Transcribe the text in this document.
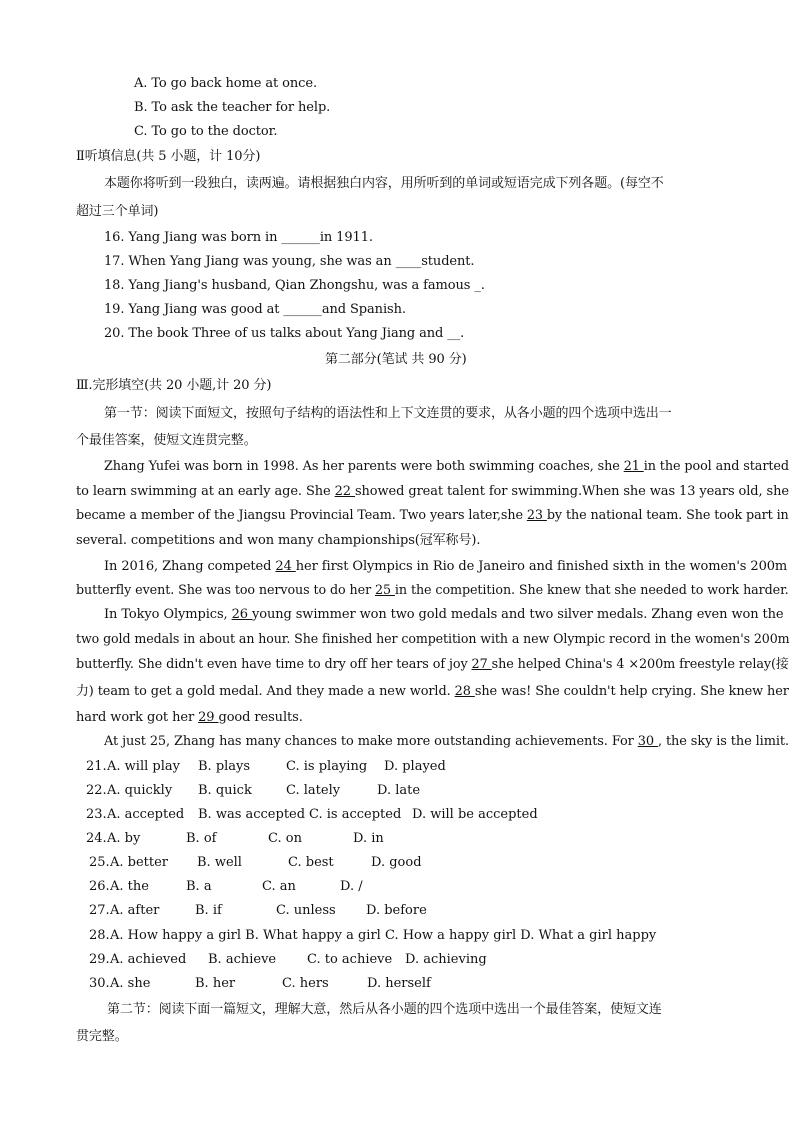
A. To go back home at once.
B. To ask the teacher for help.
C. To go to the doctor.
Ⅱ听填信息(共 5 小题，计 10分)
本题你将听到一段独白，读两遍。请根据独白内容，用所听到的单词或短语完成下列各题。(每空不
超过三个单词)
16. Yang Jiang was born in ______in 1911.
17. When Yang Jiang was young, she was an ____student.
18. Yang Jiang's husband, Qian Zhongshu, was a famous _.
19. Yang Jiang was good at ______and Spanish.
20. The book Three of us talks about Yang Jiang and __.
第二部分(笔试 共 90 分)
Ⅲ.完形填空(共 20 小题,计 20 分)
第一节：阅读下面短文，按照句子结构的语法性和上下文连贯的要求，从各小题的四个选项中选出一
个最佳答案，使短文连贯完整。
Zhang Yufei was born in 1998. As her parents were both swimming coaches, she 21 in the pool and started
to learn swimming at an early age. She 22 showed great talent for swimming.When she was 13 years old, she
became a member of the Jiangsu Provincial Team. Two years later,she 23 by the national team. She took part in
several. competitions and won many championships(冠军称号).
In 2016, Zhang competed 24 her first Olympics in Rio de Janeiro and finished sixth in the women's 200m
butterfly event. She was too nervous to do her 25 in the competition. She knew that she needed to work harder.
In Tokyo Olympics, 26 young swimmer won two gold medals and two silver medals. Zhang even won the
two gold medals in about an hour. She finished her competition with a new Olympic record in the women's 200m
butterfly. She didn't even have time to dry off her tears of joy 27 she helped China's 4 ×200m freestyle relay(接
力) team to get a gold medal. And they made a new world. 28 she was! She couldn't help crying. She knew her
hard work got her 29 good results.
At just 25, Zhang has many chances to make more outstanding achievements. For 30 , the sky is the limit.
21. A. will play B. plays	C. is playing D. played
22. A. quickly B. quick	C. lately	D. late
23. A. accepted B. was accepted C. is accepted D. will be accepted
24. A. by	B. of	C. on	D. in
25. A. better B. well	C. best	D. good
26. A. the	B. a	C. an	D. /
27. A. after	B. if	C. unless D. before
28. A. How happy a girl B. What happy a girl C. How a happy girl D. What a girl happy
29. A. achieved B. achieve C. to achieve D. achieving
30. A. she	B. her	C. hers	D. herself
第二节：阅读下面一篇短文，理解大意，然后从各小题的四个选项中选出一个最佳答案，使短文连
贯完整。
